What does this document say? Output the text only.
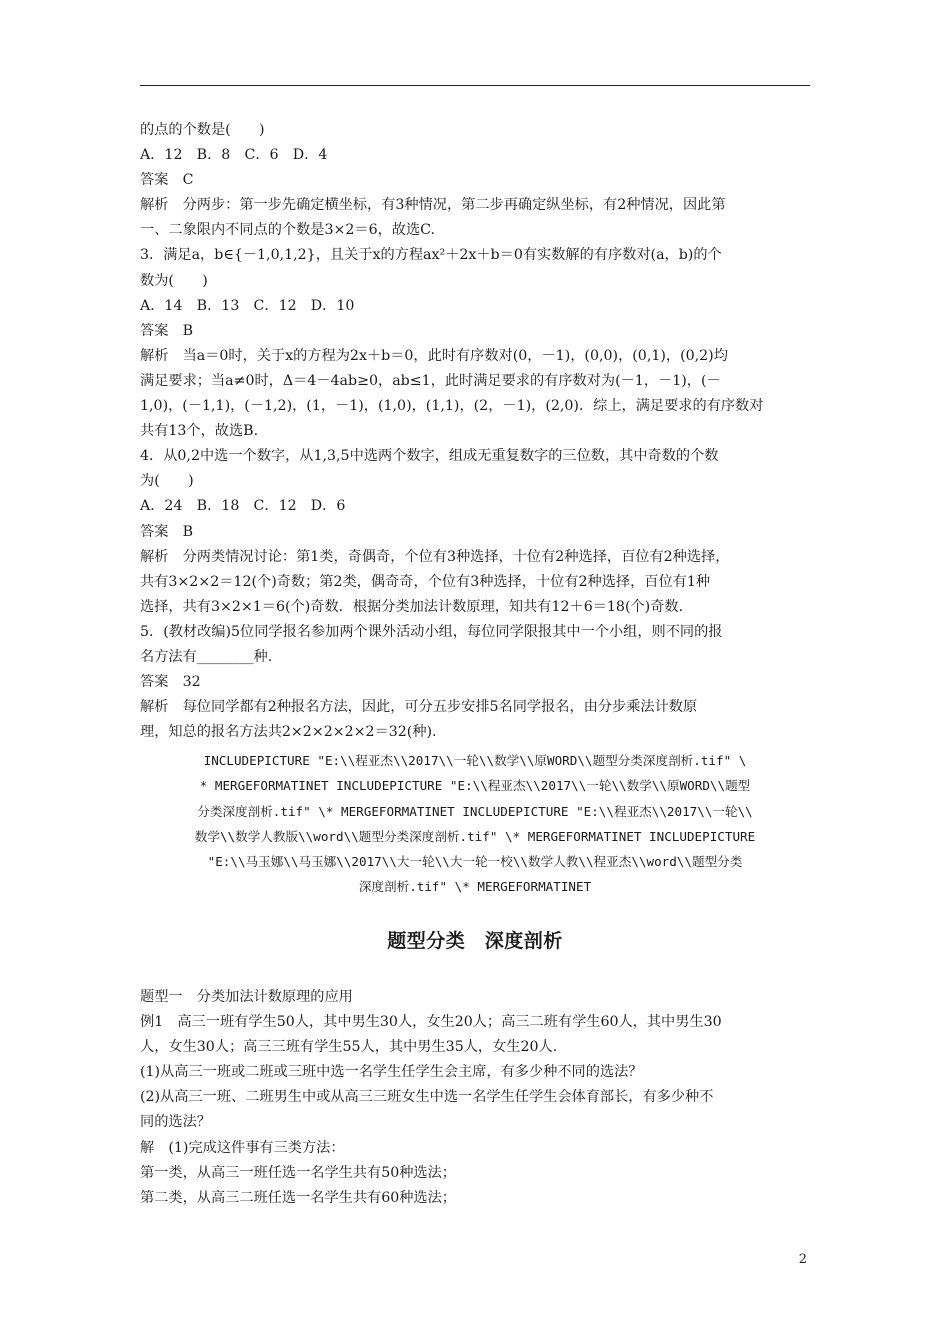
的点的个数是(　　)
A．12　B．8　C．6　D．4
答案　C
解析　分两步：第一步先确定横坐标，有3种情况，第二步再确定纵坐标，有2种情况，因此第
一、二象限内不同点的个数是3×2＝6，故选C.
3．满足a，b∈{－1,0,1,2}，且关于x的方程ax²＋2x＋b＝0有实数解的有序数对(a，b)的个
数为(　　)
A．14　B．13　C．12　D．10
答案　B
解析　当a＝0时，关于x的方程为2x＋b＝0，此时有序数对(0，－1)，(0,0)，(0,1)，(0,2)均
满足要求；当a≠0时，Δ＝4－4ab≥0，ab≤1，此时满足要求的有序数对为(－1，－1)，(－
1,0)，(－1,1)，(－1,2)，(1，－1)，(1,0)，(1,1)，(2，－1)，(2,0)．综上，满足要求的有序数对
共有13个，故选B.
4．从0,2中选一个数字，从1,3,5中选两个数字，组成无重复数字的三位数，其中奇数的个数
为(　　)
A．24　B．18　C．12　D．6
答案　B
解析　分两类情况讨论：第1类，奇偶奇，个位有3种选择，十位有2种选择，百位有2种选择，
共有3×2×2＝12(个)奇数；第2类，偶奇奇，个位有3种选择，十位有2种选择，百位有1种
选择，共有3×2×1＝6(个)奇数．根据分类加法计数原理，知共有12＋6＝18(个)奇数.
5．(教材改编)5位同学报名参加两个课外活动小组，每位同学限报其中一个小组，则不同的报
名方法有________种.
答案　32
解析　每位同学都有2种报名方法，因此，可分五步安排5名同学报名，由分步乘法计数原
理，知总的报名方法共2×2×2×2×2＝32(种).
INCLUDEPICTURE "E:\\程亚杰\\2017\\一轮\\数学\\原WORD\\题型分类深度剖析.tif" \
* MERGEFORMATINET INCLUDEPICTURE "E:\\程亚杰\\2017\\一轮\\数学\\原WORD\\题型
分类深度剖析.tif" \* MERGEFORMATINET INCLUDEPICTURE "E:\\程亚杰\\2017\\一轮\\
数学\\数学人教版\\word\\题型分类深度剖析.tif" \* MERGEFORMATINET INCLUDEPICTURE
"E:\\马玉娜\\马玉娜\\2017\\大一轮\\大一轮一校\\数学人教\\程亚杰\\word\\题型分类
深度剖析.tif" \* MERGEFORMATINET
题型分类　深度剖析
题型一　分类加法计数原理的应用
例1　高三一班有学生50人，其中男生30人，女生20人；高三二班有学生60人，其中男生30
人，女生30人；高三三班有学生55人，其中男生35人，女生20人.
(1)从高三一班或二班或三班中选一名学生任学生会主席，有多少种不同的选法？
(2)从高三一班、二班男生中或从高三三班女生中选一名学生任学生会体育部长，有多少种不
同的选法？
解　(1)完成这件事有三类方法：
第一类，从高三一班任选一名学生共有50种选法；
第二类，从高三二班任选一名学生共有60种选法；
2
